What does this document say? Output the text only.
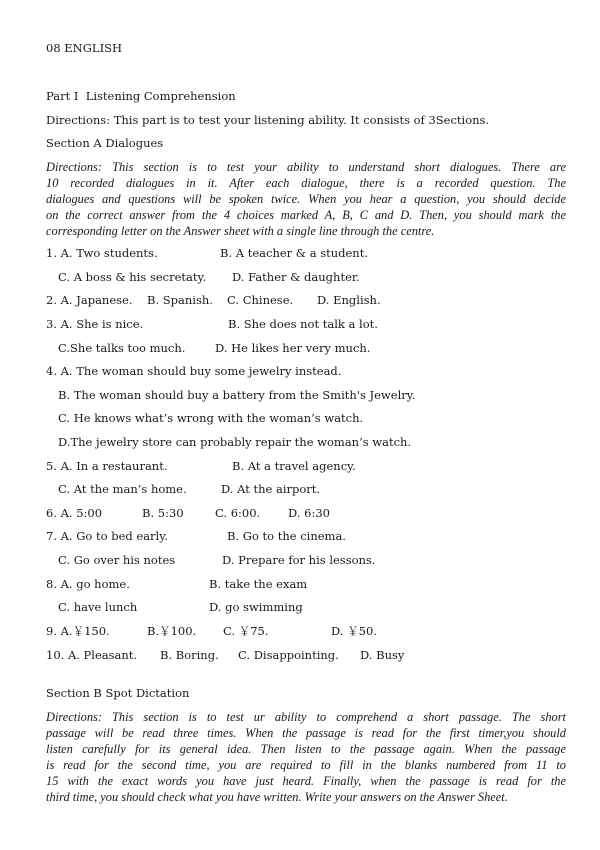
08 ENGLISH
Part I  Listening Comprehension
Directions: This part is to test your listening ability. It consists of 3Sections.
Section A Dialogues
Directions: This section is to test your ability to understand short dialogues. There are
10 recorded dialogues in it. After each dialogue, there is a recorded question. The
dialogues and questions will be spoken twice. When you hear a question, you should decide
on the correct answer from the 4 choices marked A, B, C and D. Then, you should mark the
corresponding letter on the Answer sheet with a single line through the centre.
1. A. Two students.	B. A teacher & a student.
C. A boss & his secretaty. D. Father & daughter.
2. A. Japanese. B. Spanish. C. Chinese. D. English.
3. A. She is nice.	B. She does not talk a lot.
C.She talks too much.	D. He likes her very much.
4. A. The woman should buy some jewelry instead.
B. The woman should buy a battery from the Smith's Jewelry.
C. He knows what’s wrong with the woman’s watch.
D.The jewelry store can probably repair the woman’s watch.
5. A. In a restaurant.	B. At a travel agency.
C. At the man’s home.	D. At the airport.
6. A. 5:00	B. 5:30	C. 6:00. D. 6:30
7. A. Go to bed early.	B. Go to the cinema.
C. Go over his notes	D. Prepare for his lessons.
8. A. go home.	B. take the exam
C. have lunch	D. go swimming
9. A.￥150.	B.￥100. C. ￥75.	D. ￥50.
10. A. Pleasant. B. Boring. C. Disappointing. D. Busy
Section B Spot Dictation
Directions: This section is to test ur ability to comprehend a short passage. The short
passage will be read three times. When the passage is read for the first timer,you should
listen carefully for its general idea. Then listen to the passage again. When the passage
is read for the second time, you are required to fill in the blanks numbered from 11 to
15 with the exact words you have just heard. Finally, when the passage is read for the
third time, you should check what you have written. Write your answers on the Answer Sheet.
